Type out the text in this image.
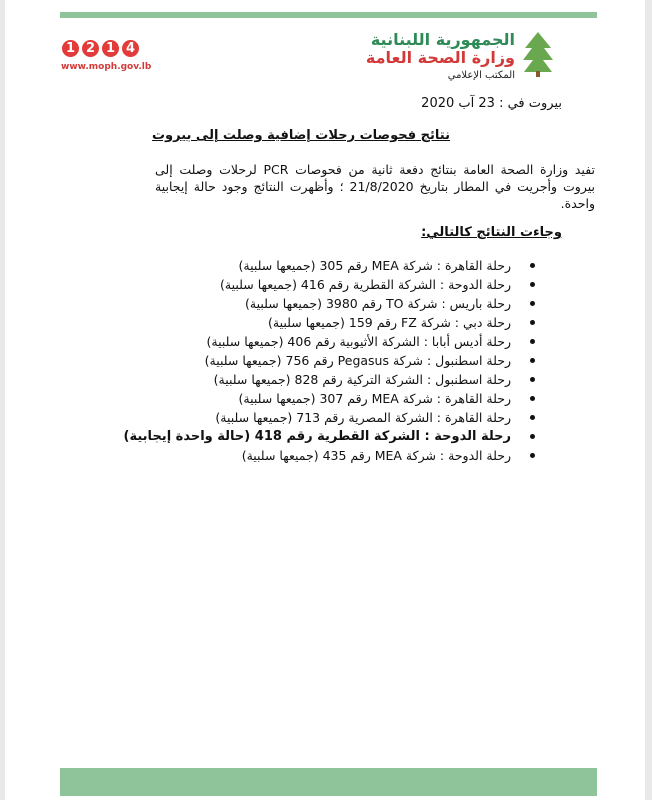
1 2 1 4
www.moph.gov.lb
الجمهورية اللبنانية
وزارة الصحة العامة
المكتب الإعلامي
بيروت في : 23 آب 2020
نتائج فحوصات رحلات إضافية وصلت إلى بيروت
تفيد وزارة الصحة العامة بنتائج دفعة ثانية من فحوصات PCR لرحلات وصلت إلى بيروت وأجريت في المطار بتاريخ 21/8/2020 ؛ وأظهرت النتائج وجود حالة إيجابية واحدة.
وجاءت النتائج كالتالي:
رحلة القاهرة : شركة MEA رقم 305 (جميعها سلبية)
رحلة الدوحة : الشركة القطرية رقم 416 (جميعها سلبية)
رحلة باريس : شركة TO رقم 3980 (جميعها سلبية)
رحلة دبي : شركة FZ رقم 159 (جميعها سلبية)
رحلة أديس أبابا : الشركة الأثيوبية رقم 406 (جميعها سلبية)
رحلة اسطنبول : شركة Pegasus رقم 756 (جميعها سلبية)
رحلة اسطنبول : الشركة التركية رقم 828 (جميعها سلبية)
رحلة القاهرة : شركة MEA رقم 307 (جميعها سلبية)
رحلة القاهرة : الشركة المصرية رقم 713 (جميعها سلبية)
رحلة الدوحة : الشركة القطرية رقم 418 (حالة واحدة إيجابية)
رحلة الدوحة : شركة MEA رقم 435 (جميعها سلبية)
